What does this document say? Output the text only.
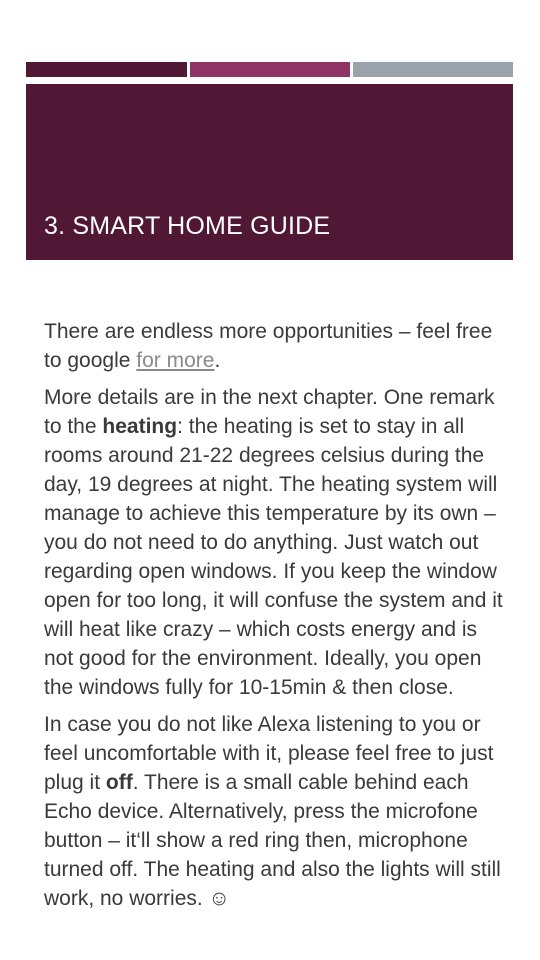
3. SMART HOME GUIDE

There are endless more opportunities – feel free to google for more.

More details are in the next chapter. One remark to the heating: the heating is set to stay in all rooms around 21-22 degrees celsius during the day, 19 degrees at night. The heating system will manage to achieve this temperature by its own – you do not need to do anything. Just watch out regarding open windows. If you keep the window open for too long, it will confuse the system and it will heat like crazy – which costs energy and is not good for the environment. Ideally, you open the windows fully for 10-15min & then close.

In case you do not like Alexa listening to you or feel uncomfortable with it, please feel free to just plug it off. There is a small cable behind each Echo device. Alternatively, press the microfone button – it‘ll show a red ring then, microphone turned off. The heating and also the lights will still work, no worries. ☺
